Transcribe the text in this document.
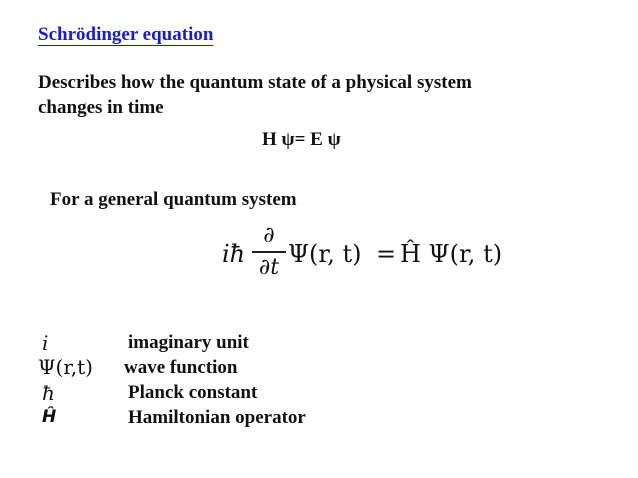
Schrödinger equation
Describes how the quantum state of a physical system
changes in time
H ψ= E ψ
For a general quantum system
iħ
∂
∂t Ψ(r, t) = Ĥ Ψ(r, t)
i	imaginary unit
Ψ(r,t) wave function
ħ	Planck constant
Ĥ	Hamiltonian operator
